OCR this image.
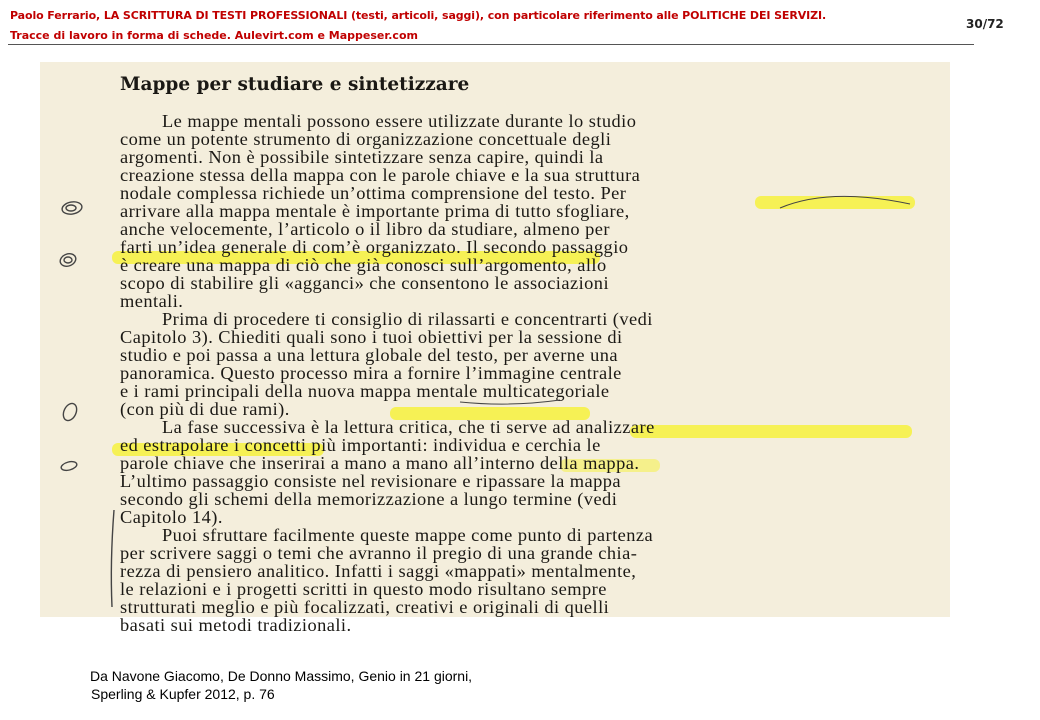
Paolo Ferrario, LA SCRITTURA DI TESTI PROFESSIONALI (testi, articoli, saggi), con particolare riferimento alle POLITICHE DEI SERVIZI.
Tracce di lavoro in forma di schede. Aulevirt.com e Mappeser.com
30/72
Mappe per studiare e sintetizzare
Le mappe mentali possono essere utilizzate durante lo studio
come un potente strumento di organizzazione concettuale degli
argomenti. Non è possibile sintetizzare senza capire, quindi la
creazione stessa della mappa con le parole chiave e la sua struttura
nodale complessa richiede un’ottima comprensione del testo. Per
arrivare alla mappa mentale è importante prima di tutto sfogliare,
anche velocemente, l’articolo o il libro da studiare, almeno per
farti un’idea generale di com’è organizzato. Il secondo passaggio
è creare una mappa di ciò che già conosci sull’argomento, allo
scopo di stabilire gli «agganci» che consentono le associazioni
mentali.
Prima di procedere ti consiglio di rilassarti e concentrarti (vedi
Capitolo 3). Chiediti quali sono i tuoi obiettivi per la sessione di
studio e poi passa a una lettura globale del testo, per averne una
panoramica. Questo processo mira a fornire l’immagine centrale
e i rami principali della nuova mappa mentale multicategoriale
(con più di due rami).
La fase successiva è la lettura critica, che ti serve ad analizzare
ed estrapolare i concetti più importanti: individua e cerchia le
parole chiave che inserirai a mano a mano all’interno della mappa.
L’ultimo passaggio consiste nel revisionare e ripassare la mappa
secondo gli schemi della memorizzazione a lungo termine (vedi
Capitolo 14).
Puoi sfruttare facilmente queste mappe come punto di partenza
per scrivere saggi o temi che avranno il pregio di una grande chia-
rezza di pensiero analitico. Infatti i saggi «mappati» mentalmente,
le relazioni e i progetti scritti in questo modo risultano sempre
strutturati meglio e più focalizzati, creativi e originali di quelli
basati sui metodi tradizionali.
Da Navone Giacomo, De Donno Massimo, Genio in 21 giorni,
Sperling & Kupfer 2012, p. 76
